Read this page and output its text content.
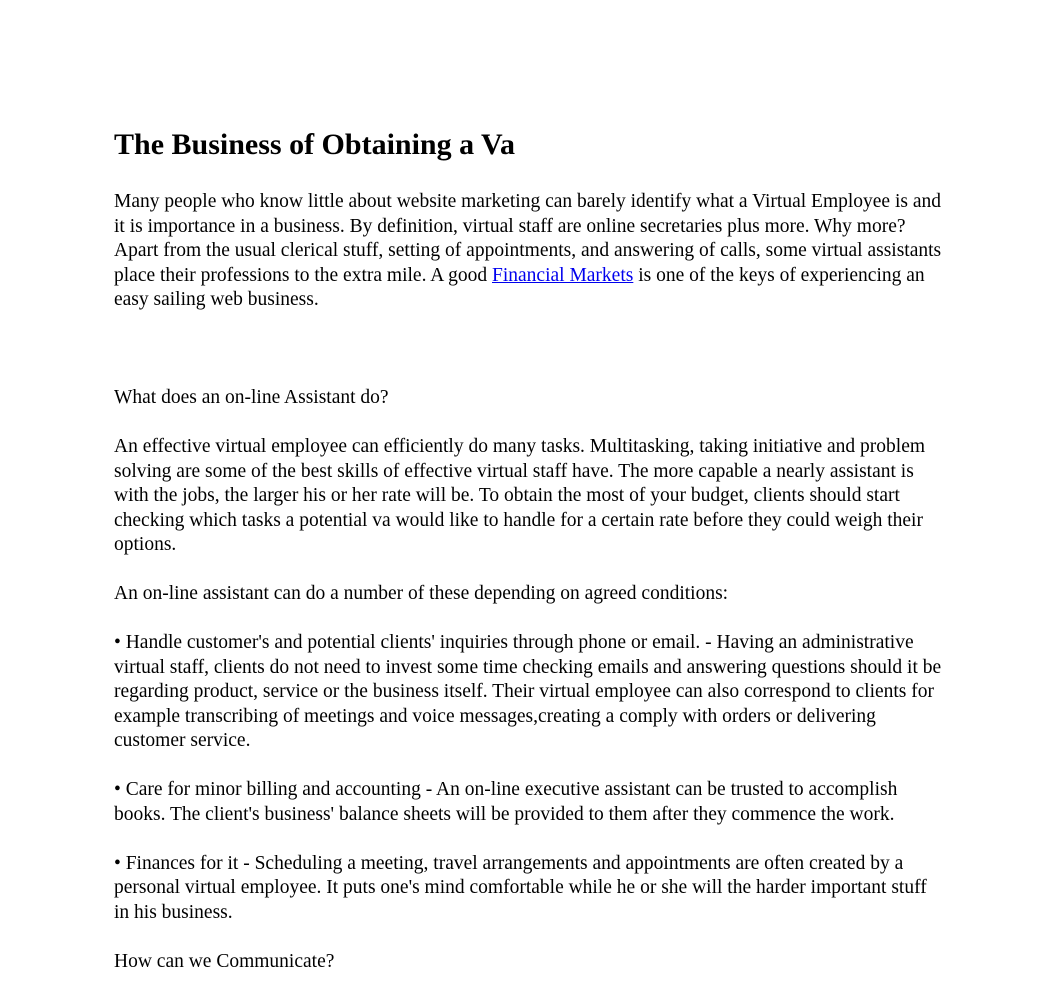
The Business of Obtaining a Va

Many people who know little about website marketing can barely identify what a Virtual Employee is and it is importance in a business. By definition, virtual staff are online secretaries plus more. Why more? Apart from the usual clerical stuff, setting of appointments, and answering of calls, some virtual assistants place their professions to the extra mile. A good Financial Markets is one of the keys of experiencing an easy sailing web business.

What does an on-line Assistant do?

An effective virtual employee can efficiently do many tasks. Multitasking, taking initiative and problem solving are some of the best skills of effective virtual staff have. The more capable a nearly assistant is with the jobs, the larger his or her rate will be. To obtain the most of your budget, clients should start checking which tasks a potential va would like to handle for a certain rate before they could weigh their options.

An on-line assistant can do a number of these depending on agreed conditions:

• Handle customer's and potential clients' inquiries through phone or email. - Having an administrative virtual staff, clients do not need to invest some time checking emails and answering questions should it be regarding product, service or the business itself. Their virtual employee can also correspond to clients for example transcribing of meetings and voice messages,creating a comply with orders or delivering customer service.

• Care for minor billing and accounting - An on-line executive assistant can be trusted to accomplish books. The client's business' balance sheets will be provided to them after they commence the work.

• Finances for it - Scheduling a meeting, travel arrangements and appointments are often created by a personal virtual employee. It puts one's mind comfortable while he or she will the harder important stuff in his business.

How can we Communicate?
